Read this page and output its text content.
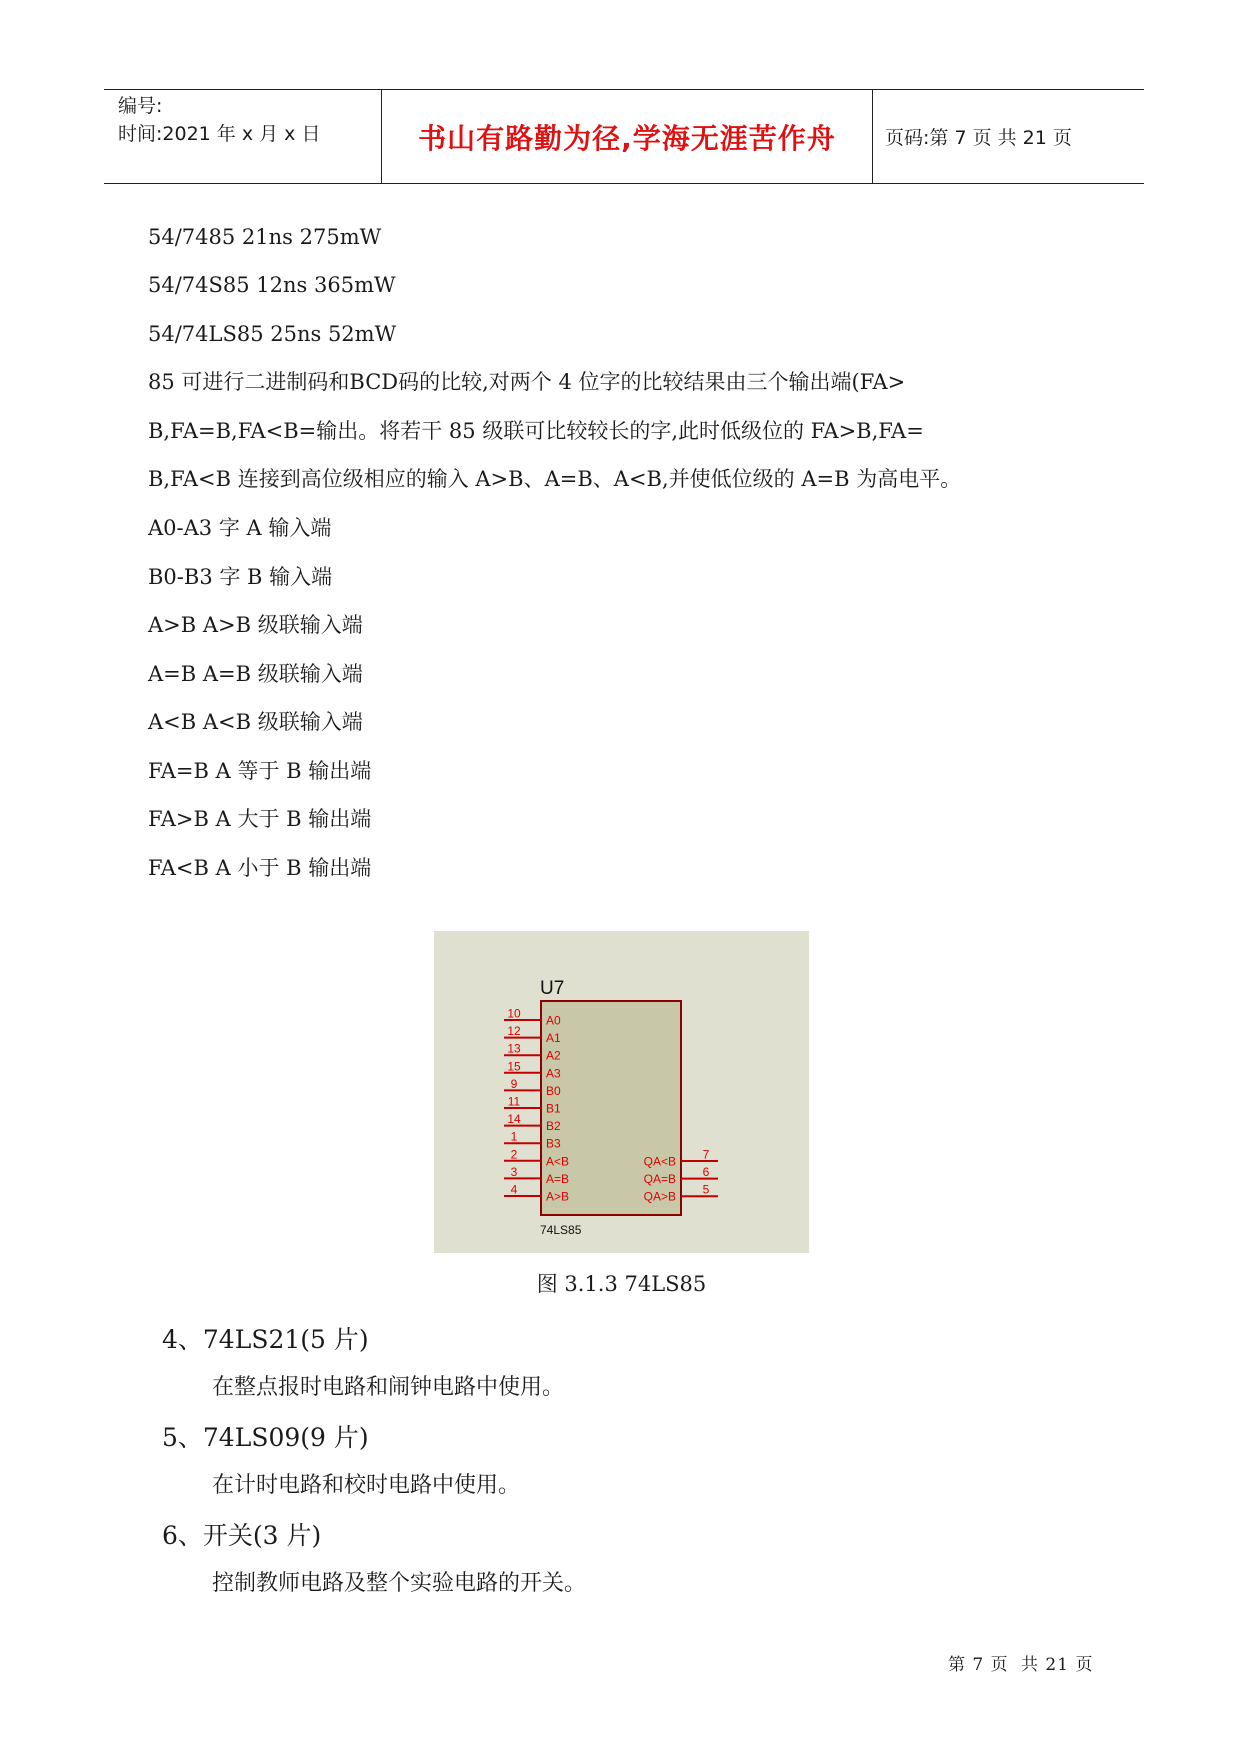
编号:
时间:2021 年 x 月 x 日	书山有路勤为径,学海无涯苦作舟	页码:第 7 页 共 21 页
54/7485 21ns 275mW
54/74S85 12ns 365mW
54/74LS85 25ns 52mW
85 可进行二进制码和BCD码的比较,对两个 4 位字的比较结果由三个输出端(FA>
B,FA=B,FA<B=输出。将若干 85 级联可比较较长的字,此时低级位的 FA>B,FA=
B,FA<B 连接到高位级相应的输入 A>B、A=B、A<B,并使低位级的 A=B 为高电平。
A0-A3 字 A 输入端
B0-B3 字 B 输入端
A>B A>B 级联输入端
A=B A=B 级联输入端
A<B A<B 级联输入端
FA=B A 等于 B 输出端
FA>B A 大于 B 输出端
FA<B A 小于 B 输出端
U7
10 A0
12 A1
13 A2
15 A3
9 B0
11 B1
14 B2
1 B3
2 A<B
3 A=B
4 A>B
7
QA<B
6
QA=B
5
QA>B
74LS85
图 3.1.3 74LS85
4、74LS21(5 片)
在整点报时电路和闹钟电路中使用。
5、74LS09(9 片)
在计时电路和校时电路中使用。
6、开关(3 片)
控制教师电路及整个实验电路的开关。
第 7 页 共 21 页
